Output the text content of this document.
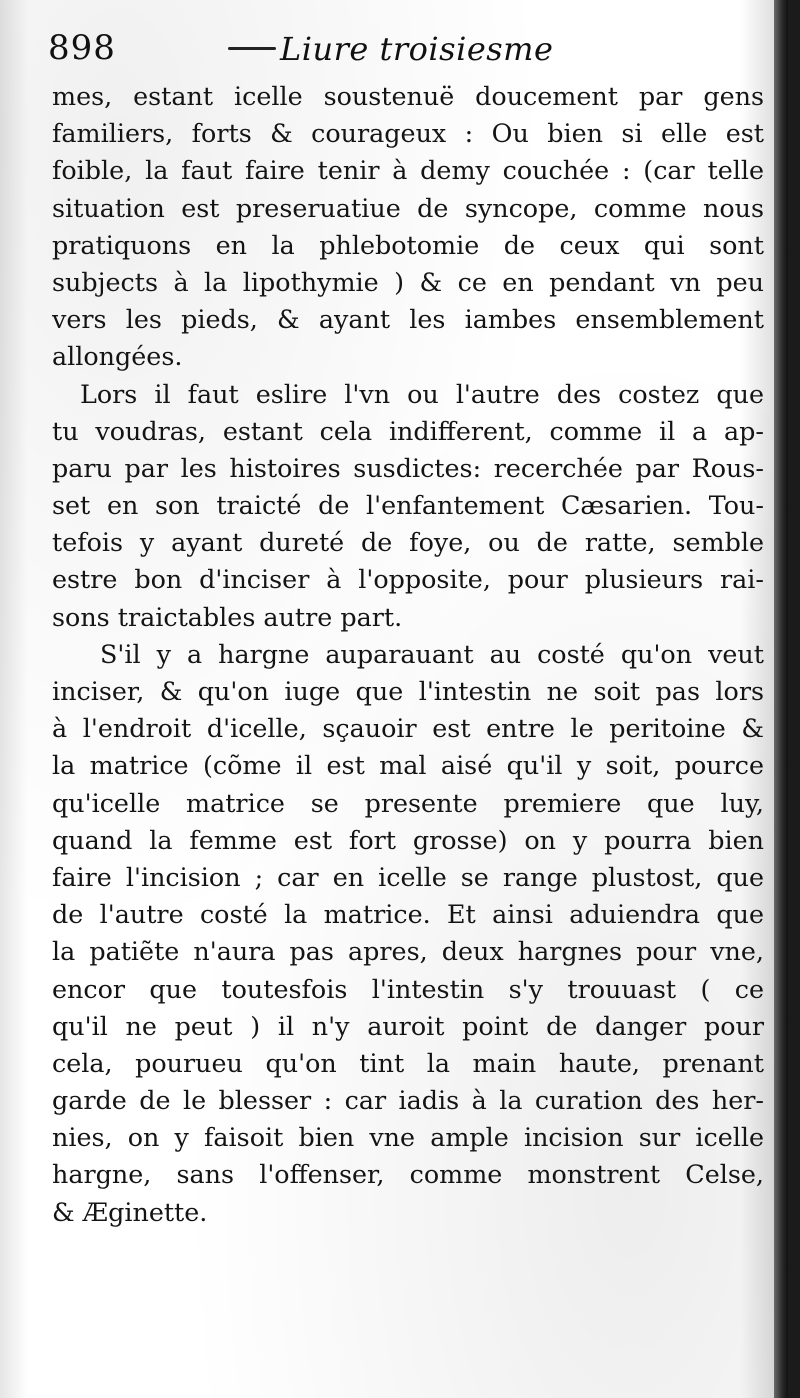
898	Liure troisiesme
mes, estant icelle soustenuë doucement par gens
familiers, forts & courageux : Ou bien si elle est
foible, la faut faire tenir à demy couchée : (car telle
situation est preseruatiue de syncope, comme nous
pratiquons en la phlebotomie de ceux qui sont
subjects à la lipothymie ) & ce en pendant vn peu
vers les pieds, & ayant les iambes ensemblement
allongées.
Lors il faut eslire l'vn ou l'autre des costez que
tu voudras, estant cela indifferent, comme il a ap-
paru par les histoires susdictes: recerchée par Rous-
set en son traicté de l'enfantement Cæsarien. Tou-
tefois y ayant dureté de foye, ou de ratte, semble
estre bon d'inciser à l'opposite, pour plusieurs rai-
sons traictables autre part.
S'il y a hargne auparauant au costé qu'on veut
inciser, & qu'on iuge que l'intestin ne soit pas lors
à l'endroit d'icelle, sçauoir est entre le peritoine &
la matrice (cõme il est mal aisé qu'il y soit, pource
qu'icelle matrice se presente premiere que luy,
quand la femme est fort grosse) on y pourra bien
faire l'incision ; car en icelle se range plustost, que
de l'autre costé la matrice. Et ainsi aduiendra que
la patiẽte n'aura pas apres, deux hargnes pour vne,
encor que toutesfois l'intestin s'y trouuast ( ce
qu'il ne peut ) il n'y auroit point de danger pour
cela, pourueu qu'on tint la main haute, prenant
garde de le blesser : car iadis à la curation des her-
nies, on y faisoit bien vne ample incision sur icelle
hargne, sans l'offenser, comme monstrent Celse,
& Æginette.
